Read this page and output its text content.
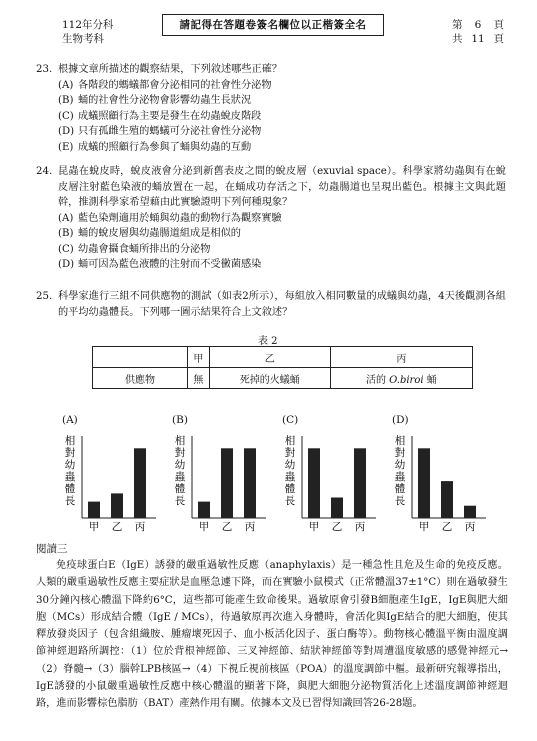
112年分科
生物考科
請記得在答題卷簽名欄位以正楷簽全名	第 6 頁
共 11 頁
23. 根據文章所描述的觀察結果，下列敘述哪些正確？
(A) 各階段的螞蟻都會分泌相同的社會性分泌物
(B) 蛹的社會性分泌物會影響幼蟲生長狀況
(C) 成蟻照顧行為主要是發生在幼蟲蛻皮階段
(D) 只有孤雌生殖的螞蟻可分泌社會性分泌物
(E) 成蟻的照顧行為參與了蛹與幼蟲的互動
24. 昆蟲在蛻皮時，蛻皮液會分泌到新舊表皮之間的蛻皮層（exuvial space）。科學家將幼蟲與有在蛻皮層注射藍色染液的蛹放置在一起，在蛹成功存活之下，幼蟲腸道也呈現出藍色。根據主文與此題幹，推測科學家希望藉由此實驗證明下列何種現象？
(A) 藍色染劑適用於蛹與幼蟲的動物行為觀察實驗
(B) 蛹的蛻皮層與幼蟲腸道組成是相似的
(C) 幼蟲會攝食蛹所排出的分泌物
(D) 蛹可因為藍色液體的注射而不受黴菌感染
25. 科學家進行三組不同供應物的測試（如表2所示），每組放入相同數量的成蟻與幼蟲，4天後觀測各組的平均幼蟲體長。下列哪一圖示結果符合上文敘述？
表 2
	甲	乙	丙
供應物	無	死掉的火蟻蛹	活的 O.biroi 蛹
(A)
相
對
幼
蟲
體
長
甲 乙 丙
(B)
相
對
幼
蟲
體
長
甲 乙 丙
(C)
相
對
幼
蟲
體
長
甲 乙 丙
(D)
相
對
幼
蟲
體
長
甲 乙 丙
閱讀三
免疫球蛋白E（IgE）誘發的嚴重過敏性反應（anaphylaxis）是一種急性且危及生命的免疫反應。人類的嚴重過敏性反應主要症狀是血壓急遽下降，而在實驗小鼠模式（正常體溫37±1°C）則在過敏發生30分鐘內核心體溫下降約6°C，這些都可能產生致命後果。過敏原會引發B細胞產生IgE，IgE與肥大細胞（MCs）形成結合體（IgE / MCs），待過敏原再次進入身體時，會活化與IgE結合的肥大細胞，使其釋放發炎因子（包含組織胺、腫瘤壞死因子、血小板活化因子、蛋白酶等）。動物核心體溫平衡由溫度調節神經迴路所調控：（1）位於背根神經節、三叉神經節、結狀神經節等對周遭溫度敏感的感覺神經元→（2）脊髓→（3）腦幹LPB核區→（4）下視丘視前核區（POA）的溫度調節中樞。最新研究報導指出，IgE誘發的小鼠嚴重過敏性反應中核心體溫的顯著下降，與肥大細胞分泌物質活化上述溫度調節神經迴路，進而影響棕色脂肪（BAT）產熱作用有關。依據本文及已習得知識回答26-28題。
